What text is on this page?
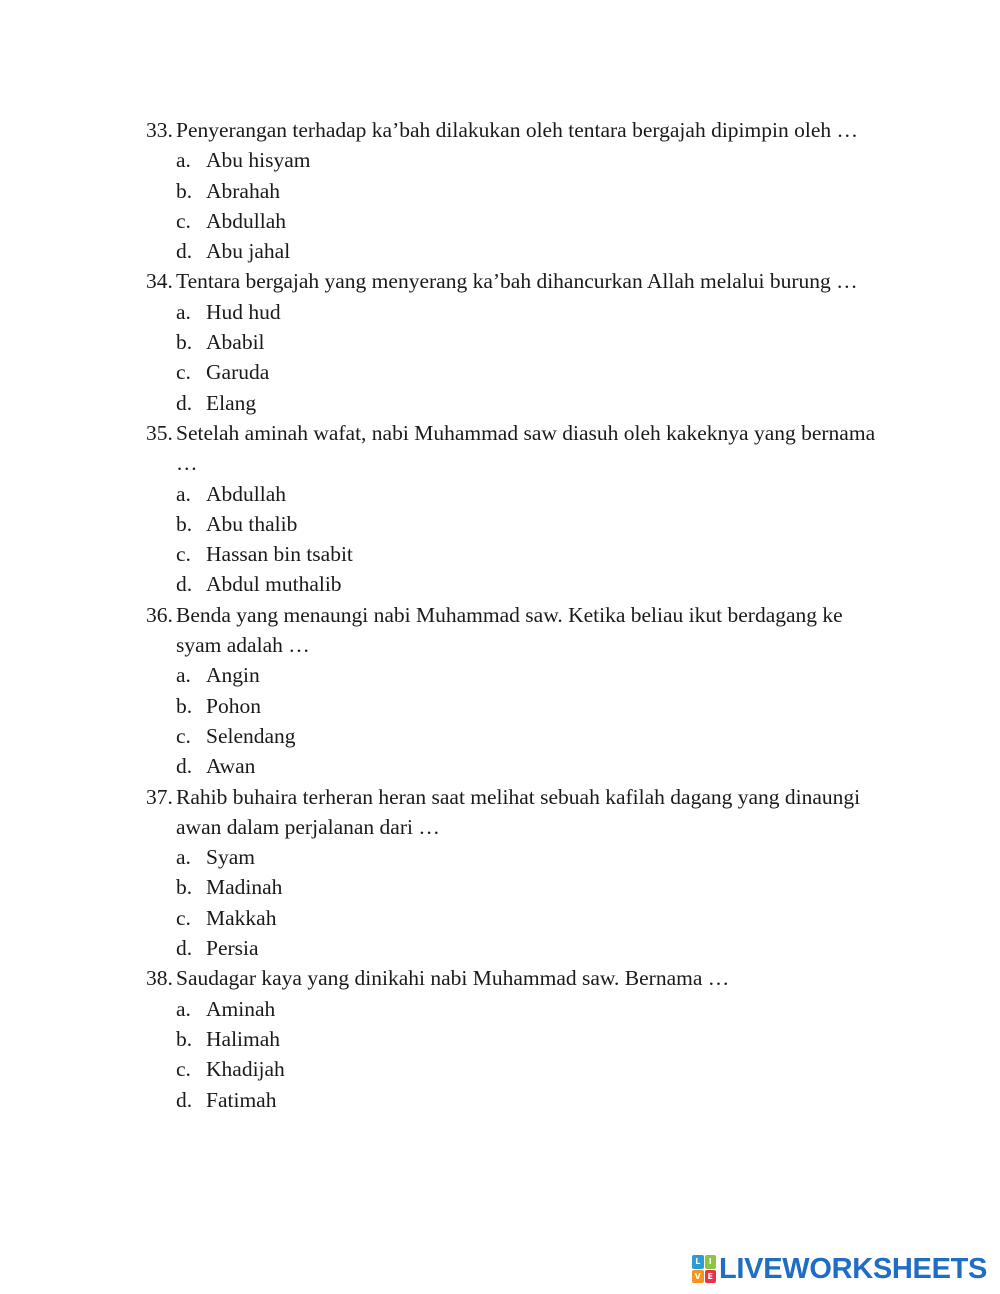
33. Penyerangan terhadap ka’bah dilakukan oleh tentara bergajah dipimpin oleh …
a. Abu hisyam
b. Abrahah
c. Abdullah
d. Abu jahal
34. Tentara bergajah yang menyerang ka’bah dihancurkan Allah melalui burung …
a. Hud hud
b. Ababil
c. Garuda
d. Elang
35. Setelah aminah wafat, nabi Muhammad saw diasuh oleh kakeknya yang bernama …
a. Abdullah
b. Abu thalib
c. Hassan bin tsabit
d. Abdul muthalib
36. Benda yang menaungi nabi Muhammad saw. Ketika beliau ikut berdagang ke syam adalah …
a. Angin
b. Pohon
c. Selendang
d. Awan
37. Rahib buhaira terheran heran saat melihat sebuah kafilah dagang yang dinaungi awan dalam perjalanan dari …
a. Syam
b. Madinah
c. Makkah
d. Persia
38. Saudagar kaya yang dinikahi nabi Muhammad saw. Bernama …
a. Aminah
b. Halimah
c. Khadijah
d. Fatimah
L	I
V E LIVEWORKSHEETS
